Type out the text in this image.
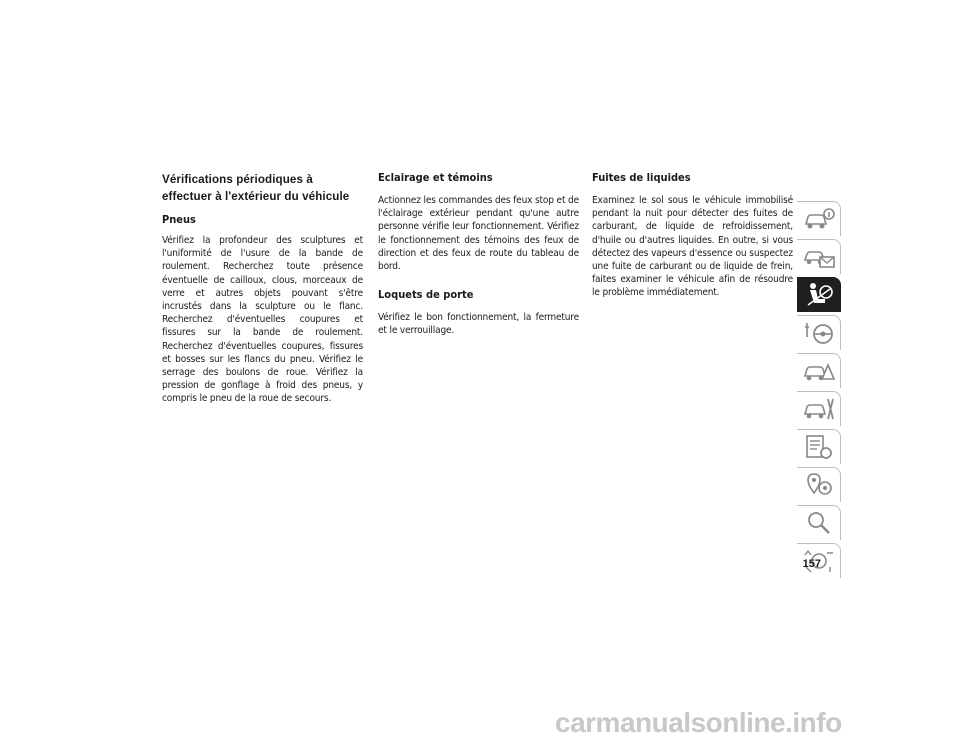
Vérifications périodiques à effectuer à l'extérieur du véhicule
Pneus

Vérifiez la profondeur des sculptures et l'uniformité de l'usure de la bande de roulement. Recherchez toute présence éventuelle de cailloux, clous, morceaux de verre et autres objets pouvant s'être incrustés dans la sculpture ou le flanc. Recherchez d'éventuelles coupures et fissures sur la bande de roulement. Recherchez d'éventuelles coupures, fissures et bosses sur les flancs du pneu. Vérifiez le serrage des boulons de roue. Vérifiez la pression de gonflage à froid des pneus, y compris le pneu de la roue de secours.

Eclairage et témoins

Actionnez les commandes des feux stop et de l'éclairage extérieur pendant qu'une autre personne vérifie leur fonctionnement. Vérifiez le fonctionnement des témoins des feux de direction et des feux de route du tableau de bord.

Loquets de porte

Vérifiez le bon fonctionnement, la fermeture et le verrouillage.

Fuites de liquides

Examinez le sol sous le véhicule immobilisé pendant la nuit pour détecter des fuites de carburant, de liquide de refroidissement, d'huile ou d'autres liquides. En outre, si vous détectez des vapeurs d'essence ou suspectez une fuite de carburant ou de liquide de frein, faites examiner le véhicule afin de résoudre le problème immédiatement.

157
carmanualsonline.info
